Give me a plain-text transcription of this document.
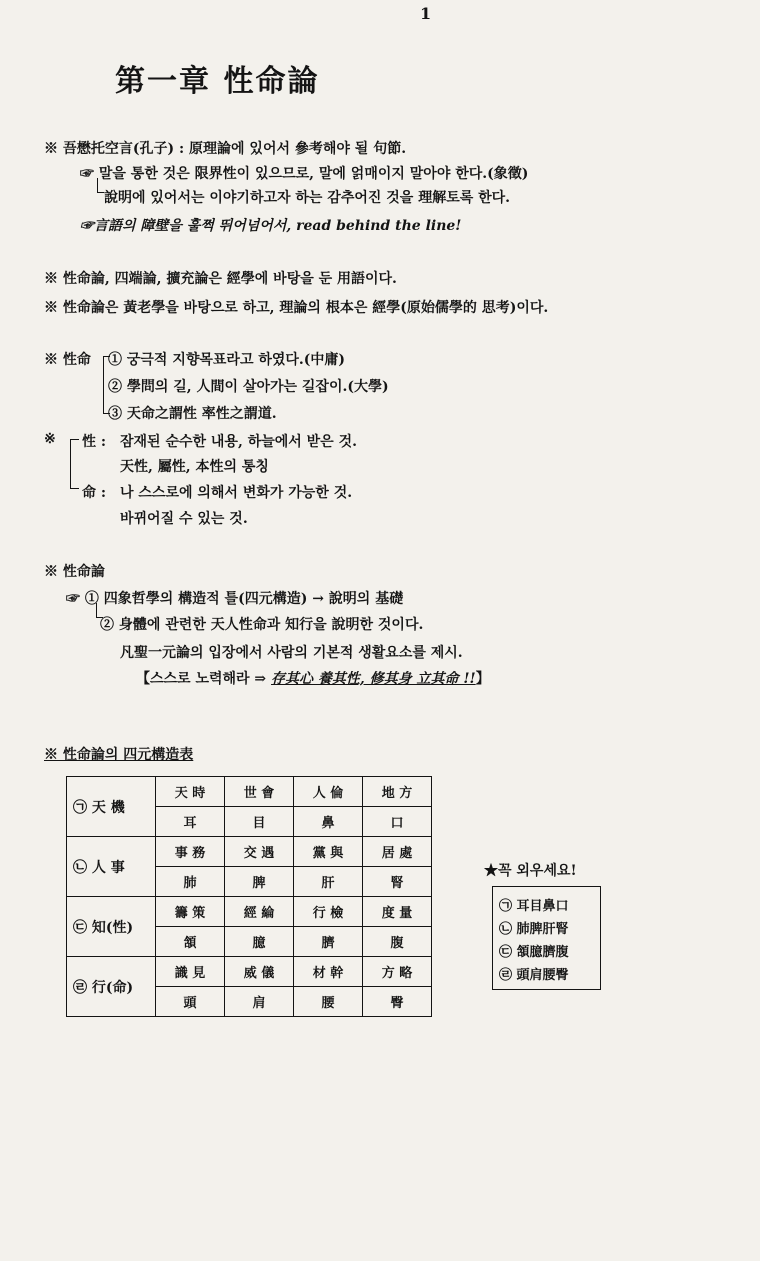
1
第一章 性命論
※ 吾懋托空言(孔子) : 原理論에 있어서 參考해야 될 句節.
☞ 말을 통한 것은 限界性이 있으므로, 말에 얽매이지 말아야 한다.(象徵)
說明에 있어서는 이야기하고자 하는 감추어진 것을 理解토록 한다.
☞言語의 障壁을 훌쩍 뛰어넘어서, read behind the line!
※ 性命論, 四端論, 擴充論은 經學에 바탕을 둔 用語이다.
※ 性命論은 黃老學을 바탕으로 하고, 理論의 根本은 經學(原始儒學的 思考)이다.
※ 性命 ① 궁극적 지향목표라고 하였다.(中庸)
② 學問의 길, 人間이 살아가는 길잡이.(大學)
③ 天命之謂性 率性之謂道.
※ 性 : 잠재된 순수한 내용, 하늘에서 받은 것.
天性, 屬性, 本性의 통칭
命 : 나 스스로에 의해서 변화가 가능한 것.
바뀌어질 수 있는 것.
※ 性命論
☞ ① 四象哲學의 構造적 틀(四元構造) → 說明의 基礎
② 身體에 관련한 天人性命과 知行을 說明한 것이다.
凡聖一元論의 입장에서 사람의 기본적 생활요소를 제시.
【스스로 노력해라 ⇒ 存其心 養其性, 修其身 立其命 !!】
※ 性命論의 四元構造表
㉠ 天 機	天 時	世 會	人 倫	地 方
	耳	目	鼻	口
㉡ 人 事	事 務	交 遇	黨 與	居 處
	肺	脾	肝	腎
㉢ 知(性)	籌 策	經 綸	行 檢	度 量
	頷	臆	臍	腹
㉣ 行(命)	識 見	威 儀	材 幹	方 略
	頭	肩	腰	臀
★꼭 외우세요!
㉠ 耳目鼻口
㉡ 肺脾肝腎
㉢ 頷臆臍腹
㉣ 頭肩腰臀
